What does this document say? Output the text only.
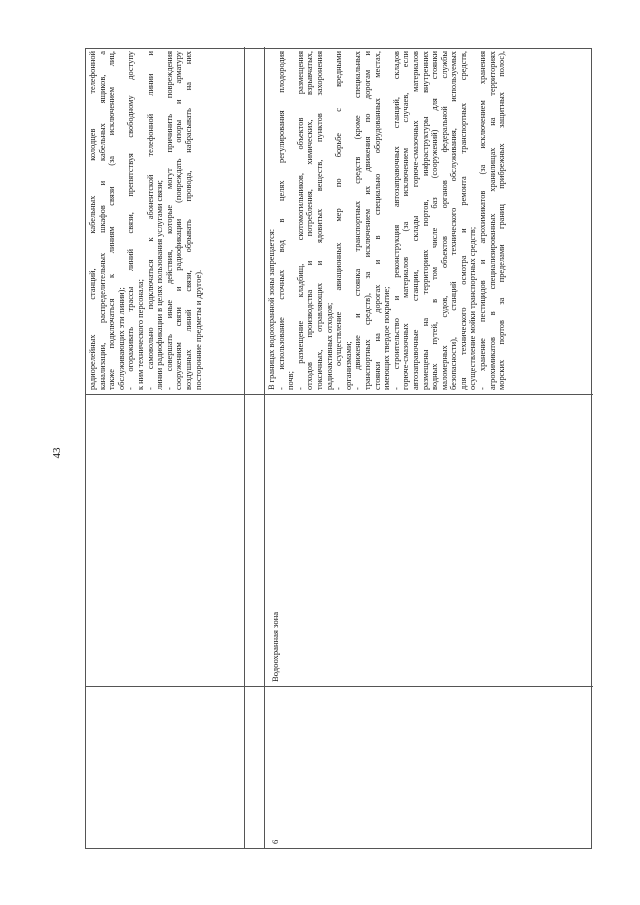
43
радиорелейных станций, кабельных колодцев телефонной канализации, распределительных шкафов и кабельных ящиков, а также подключаться к линиям связи (за исключением лиц, обслуживающих эти линии); - огораживать трассы линий связи, препятствуя свободному доступу к ним технического персонала; - самовольно подключаться к абонентской телефонной линии и линии радиофикации в целях пользования услугами связи; - совершать иные действия, которые могут причинить повреждения сооружениям связи и радиофикации (повреждать опоры и арматуру воздушных линий связи, обрывать провода, набрасывать на них посторонние предметы и другое).
6
Водоохранная зона
В границах водоохранной зоны запрещается: - использование сточных вод в целях регулирования плодородия почв; - размещение кладбищ, скотомогильников, объектов размещения отходов производства и потребления, химических, взрывчатых, токсичных, отравляющих и ядовитых веществ, пунктов захоронения радиоактивных отходов; - осуществление авиационных мер по борьбе с вредными организмами; - движение и стоянка транспортных средств (кроме специальных транспортных средств), за исключением их движения по дорогам и стоянки на дорогах и в специально оборудованных местах, имеющих твердое покрытие; - строительство и реконструкция автозаправочных станций, складов горюче-смазочных материалов (за исключением случаев, если автозаправочные станции, склады горюче-смазочных материалов размещены на территориях портов, инфраструктуры внутренних водных путей, в том числе баз (сооружений) для стоянки маломерных судов, объектов органов федеральной службы безопасности), станций технического обслуживания, используемых для технического осмотра и ремонта транспортных средств, осуществление мойки транспортных средств; - хранение пестицидов и агрохимикатов (за исключением хранения агрохимикатов в специализированных хранилищах на территориях морских портов за пределами границ прибрежных защитных полос),
